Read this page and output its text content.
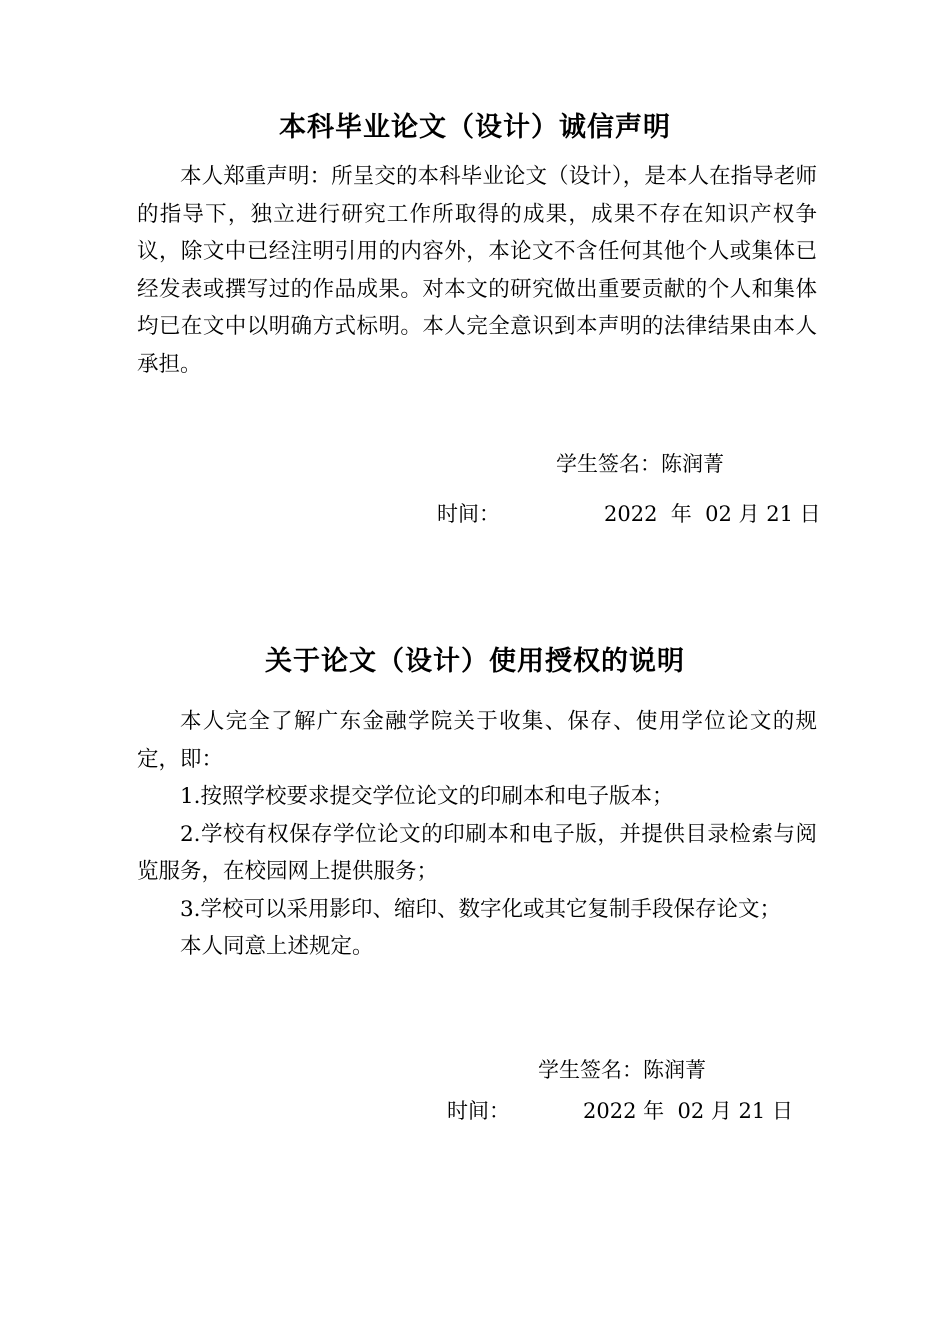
本科毕业论文（设计）诚信声明

本人郑重声明：所呈交的本科毕业论文（设计），是本人在指导老师的指导下，独立进行研究工作所取得的成果，成果不存在知识产权争议，除文中已经注明引用的内容外，本论文不含任何其他个人或集体已经发表或撰写过的作品成果。对本文的研究做出重要贡献的个人和集体均已在文中以明确方式标明。本人完全意识到本声明的法律结果由本人承担。

学生签名：陈润菁
时间：	2022  年  02 月 21 日
关于论文（设计）使用授权的说明

本人完全了解广东金融学院关于收集、保存、使用学位论文的规定，即：

1.按照学校要求提交学位论文的印刷本和电子版本；

2.学校有权保存学位论文的印刷本和电子版，并提供目录检索与阅览服务，在校园网上提供服务；

3.学校可以采用影印、缩印、数字化或其它复制手段保存论文；

本人同意上述规定。

学生签名：陈润菁
时间：	2022 年  02 月 21 日
